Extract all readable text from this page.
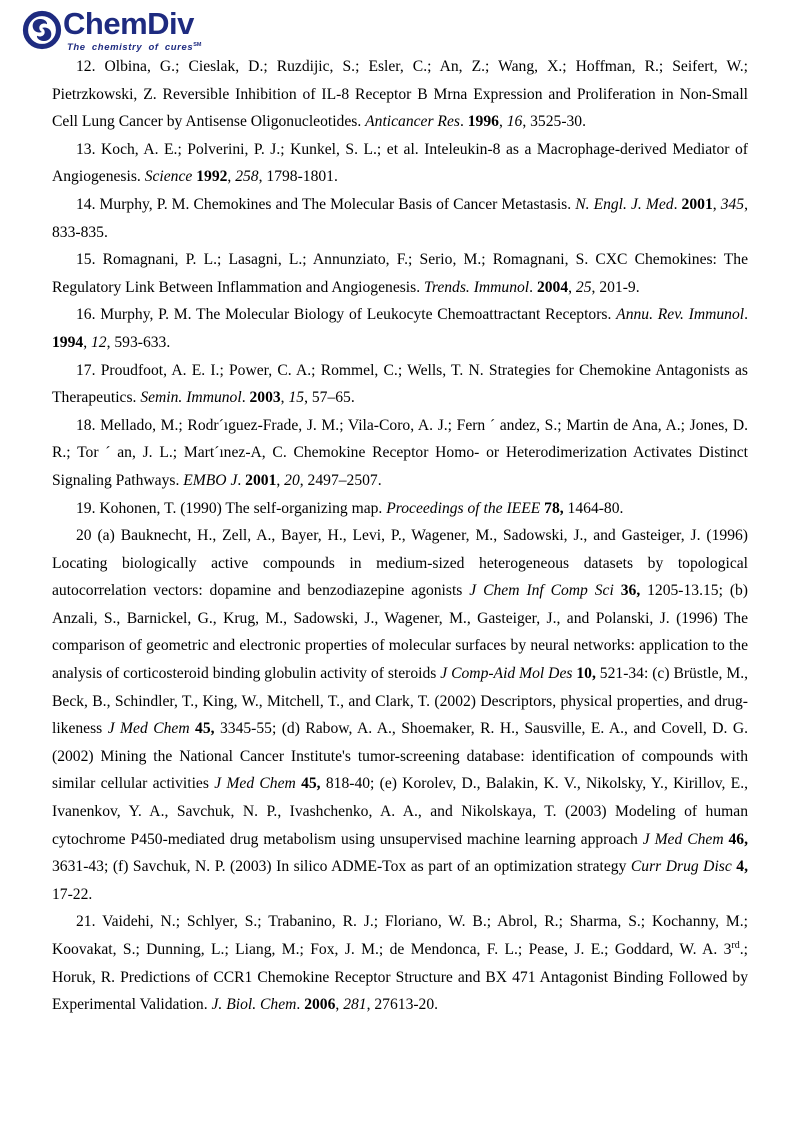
ChemDiv
The chemistry of cures℠

12. Olbina, G.; Cieslak, D.; Ruzdijic, S.; Esler, C.; An, Z.; Wang, X.; Hoffman, R.; Seifert, W.; Pietrzkowski, Z. Reversible Inhibition of IL-8 Receptor B Mrna Expression and Proliferation in Non-Small Cell Lung Cancer by Antisense Oligonucleotides. Anticancer Res. 1996, 16, 3525-30.

13. Koch, A. E.; Polverini, P. J.; Kunkel, S. L.; et al. Inteleukin-8 as a Macrophage-derived Mediator of Angiogenesis. Science 1992, 258, 1798-1801.

14. Murphy, P. M. Chemokines and The Molecular Basis of Cancer Metastasis. N. Engl. J. Med. 2001, 345, 833-835.

15. Romagnani, P. L.; Lasagni, L.; Annunziato, F.; Serio, M.; Romagnani, S. CXC Chemokines: The Regulatory Link Between Inflammation and Angiogenesis. Trends. Immunol. 2004, 25, 201-9.

16. Murphy, P. M. The Molecular Biology of Leukocyte Chemoattractant Receptors. Annu. Rev. Immunol. 1994, 12, 593-633.

17. Proudfoot, A. E. I.; Power, C. A.; Rommel, C.; Wells, T. N. Strategies for Chemokine Antagonists as Therapeutics. Semin. Immunol. 2003, 15, 57–65.

18. Mellado, M.; Rodr´ıguez-Frade, J. M.; Vila-Coro, A. J.; Fern ´ andez, S.; Martin de Ana, A.; Jones, D. R.; Tor ´ an, J. L.; Mart´ınez-A, C. Chemokine Receptor Homo- or Heterodimerization Activates Distinct Signaling Pathways. EMBO J. 2001, 20, 2497–2507.

19. Kohonen, T. (1990) The self-organizing map. Proceedings of the IEEE 78, 1464-80.

20 (a) Bauknecht, H., Zell, A., Bayer, H., Levi, P., Wagener, M., Sadowski, J., and Gasteiger, J. (1996) Locating biologically active compounds in medium-sized heterogeneous datasets by topological autocorrelation vectors: dopamine and benzodiazepine agonists J Chem Inf Comp Sci 36, 1205-13.15; (b) Anzali, S., Barnickel, G., Krug, M., Sadowski, J., Wagener, M., Gasteiger, J., and Polanski, J. (1996) The comparison of geometric and electronic properties of molecular surfaces by neural networks: application to the analysis of corticosteroid binding globulin activity of steroids J Comp-Aid Mol Des 10, 521-34: (c) Brüstle, M., Beck, B., Schindler, T., King, W., Mitchell, T., and Clark, T. (2002) Descriptors, physical properties, and drug-likeness J Med Chem 45, 3345-55; (d) Rabow, A. A., Shoemaker, R. H., Sausville, E. A., and Covell, D. G. (2002) Mining the National Cancer Institute's tumor-screening database: identification of compounds with similar cellular activities J Med Chem 45, 818-40; (e) Korolev, D., Balakin, K. V., Nikolsky, Y., Kirillov, E., Ivanenkov, Y. A., Savchuk, N. P., Ivashchenko, A. A., and Nikolskaya, T. (2003) Modeling of human cytochrome P450-mediated drug metabolism using unsupervised machine learning approach J Med Chem 46, 3631-43; (f) Savchuk, N. P. (2003) In silico ADME-Tox as part of an optimization strategy Curr Drug Disc 4, 17-22.

21. Vaidehi, N.; Schlyer, S.; Trabanino, R. J.; Floriano, W. B.; Abrol, R.; Sharma, S.; Kochanny, M.; Koovakat, S.; Dunning, L.; Liang, M.; Fox, J. M.; de Mendonca, F. L.; Pease, J. E.; Goddard, W. A. 3rd.; Horuk, R. Predictions of CCR1 Chemokine Receptor Structure and BX 471 Antagonist Binding Followed by Experimental Validation. J. Biol. Chem. 2006, 281, 27613-20.
